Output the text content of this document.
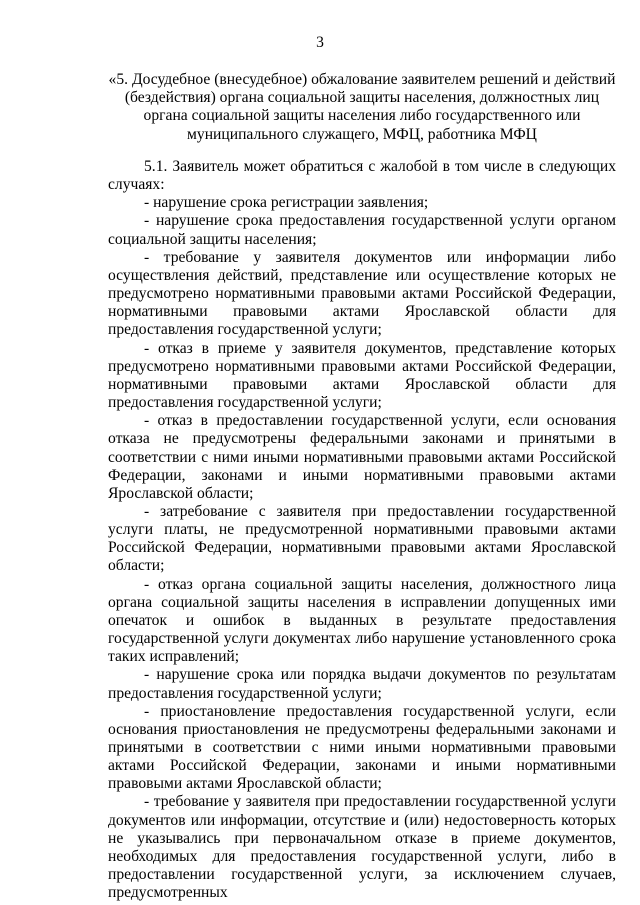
3
«5. Досудебное (внесудебное) обжалование заявителем решений и действий (бездействия) органа социальной защиты населения, должностных лиц органа социальной защиты населения либо государственного или муниципального служащего, МФЦ, работника МФЦ

5.1. Заявитель может обратиться с жалобой в том числе в следующих случаях:

- нарушение срока регистрации заявления;

- нарушение срока предоставления государственной услуги органом социальной защиты населения;

- требование у заявителя документов или информации либо осуществления действий, представление или осуществление которых не предусмотрено нормативными правовыми актами Российской Федерации, нормативными правовыми актами Ярославской области для предоставления государственной услуги;

- отказ в приеме у заявителя документов, представление которых предусмотрено нормативными правовыми актами Российской Федерации, нормативными правовыми актами Ярославской области для предоставления государственной услуги;

- отказ в предоставлении государственной услуги, если основания отказа не предусмотрены федеральными законами и принятыми в соответствии с ними иными нормативными правовыми актами Российской Федерации, законами и иными нормативными правовыми актами Ярославской области;

- затребование с заявителя при предоставлении государственной услуги платы, не предусмотренной нормативными правовыми актами Российской Федерации, нормативными правовыми актами Ярославской области;

- отказ органа социальной защиты населения, должностного лица органа социальной защиты населения в исправлении допущенных ими опечаток и ошибок в выданных в результате предоставления государственной услуги документах либо нарушение установленного срока таких исправлений;

- нарушение срока или порядка выдачи документов по результатам предоставления государственной услуги;

- приостановление предоставления государственной услуги, если основания приостановления не предусмотрены федеральными законами и принятыми в соответствии с ними иными нормативными правовыми актами Российской Федерации, законами и иными нормативными правовыми актами Ярославской области;

- требование у заявителя при предоставлении государственной услуги документов или информации, отсутствие и (или) недостоверность которых не указывались при первоначальном отказе в приеме документов, необходимых для предоставления государственной услуги, либо в предоставлении государственной услуги, за исключением случаев, предусмотренных
